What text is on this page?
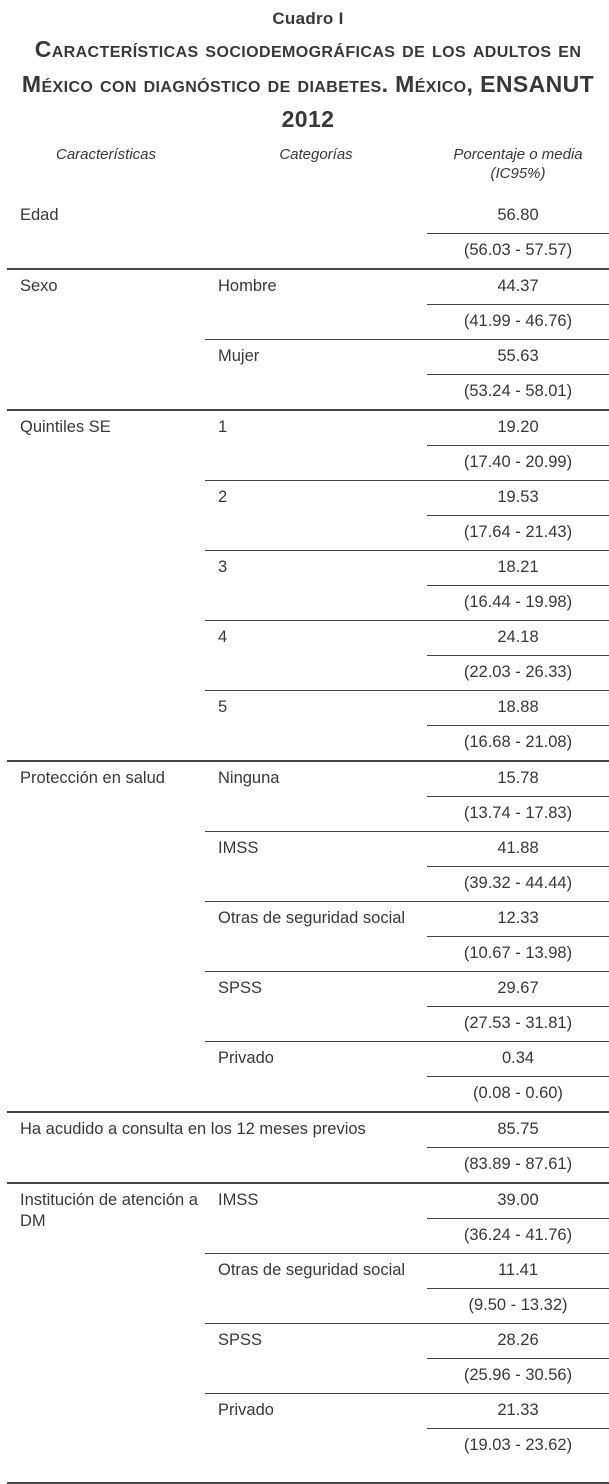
Cuadro I
Características sociodemográficas de los adultos en México con diagnóstico de diabetes. México, ENSANUT 2012
Características	Categorías	Porcentaje o media
(IC95%)

Edad		56.80
		(56.03 - 57.57)
Sexo	Hombre	44.37
		(41.99 - 46.76)
	Mujer	55.63
		(53.24 - 58.01)
Quintiles SE	1	19.20
		(17.40 - 20.99)
	2	19.53
		(17.64 - 21.43)
	3	18.21
		(16.44 - 19.98)
	4	24.18
		(22.03 - 26.33)
	5	18.88
		(16.68 - 21.08)
Protección en salud	Ninguna	15.78
		(13.74 - 17.83)
	IMSS	41.88
		(39.32 - 44.44)
	Otras de seguridad social	12.33
		(10.67 - 13.98)
	SPSS	29.67
		(27.53 - 31.81)
	Privado	0.34
		(0.08 - 0.60)
Ha acudido a consulta en los 12 meses previos		85.75
		(83.89 - 87.61)
Institución de atención a DM	IMSS	39.00
		(36.24 - 41.76)
	Otras de seguridad social	11.41
		(9.50 - 13.32)
	SPSS	28.26
		(25.96 - 30.56)
	Privado	21.33
		(19.03 - 23.62)
